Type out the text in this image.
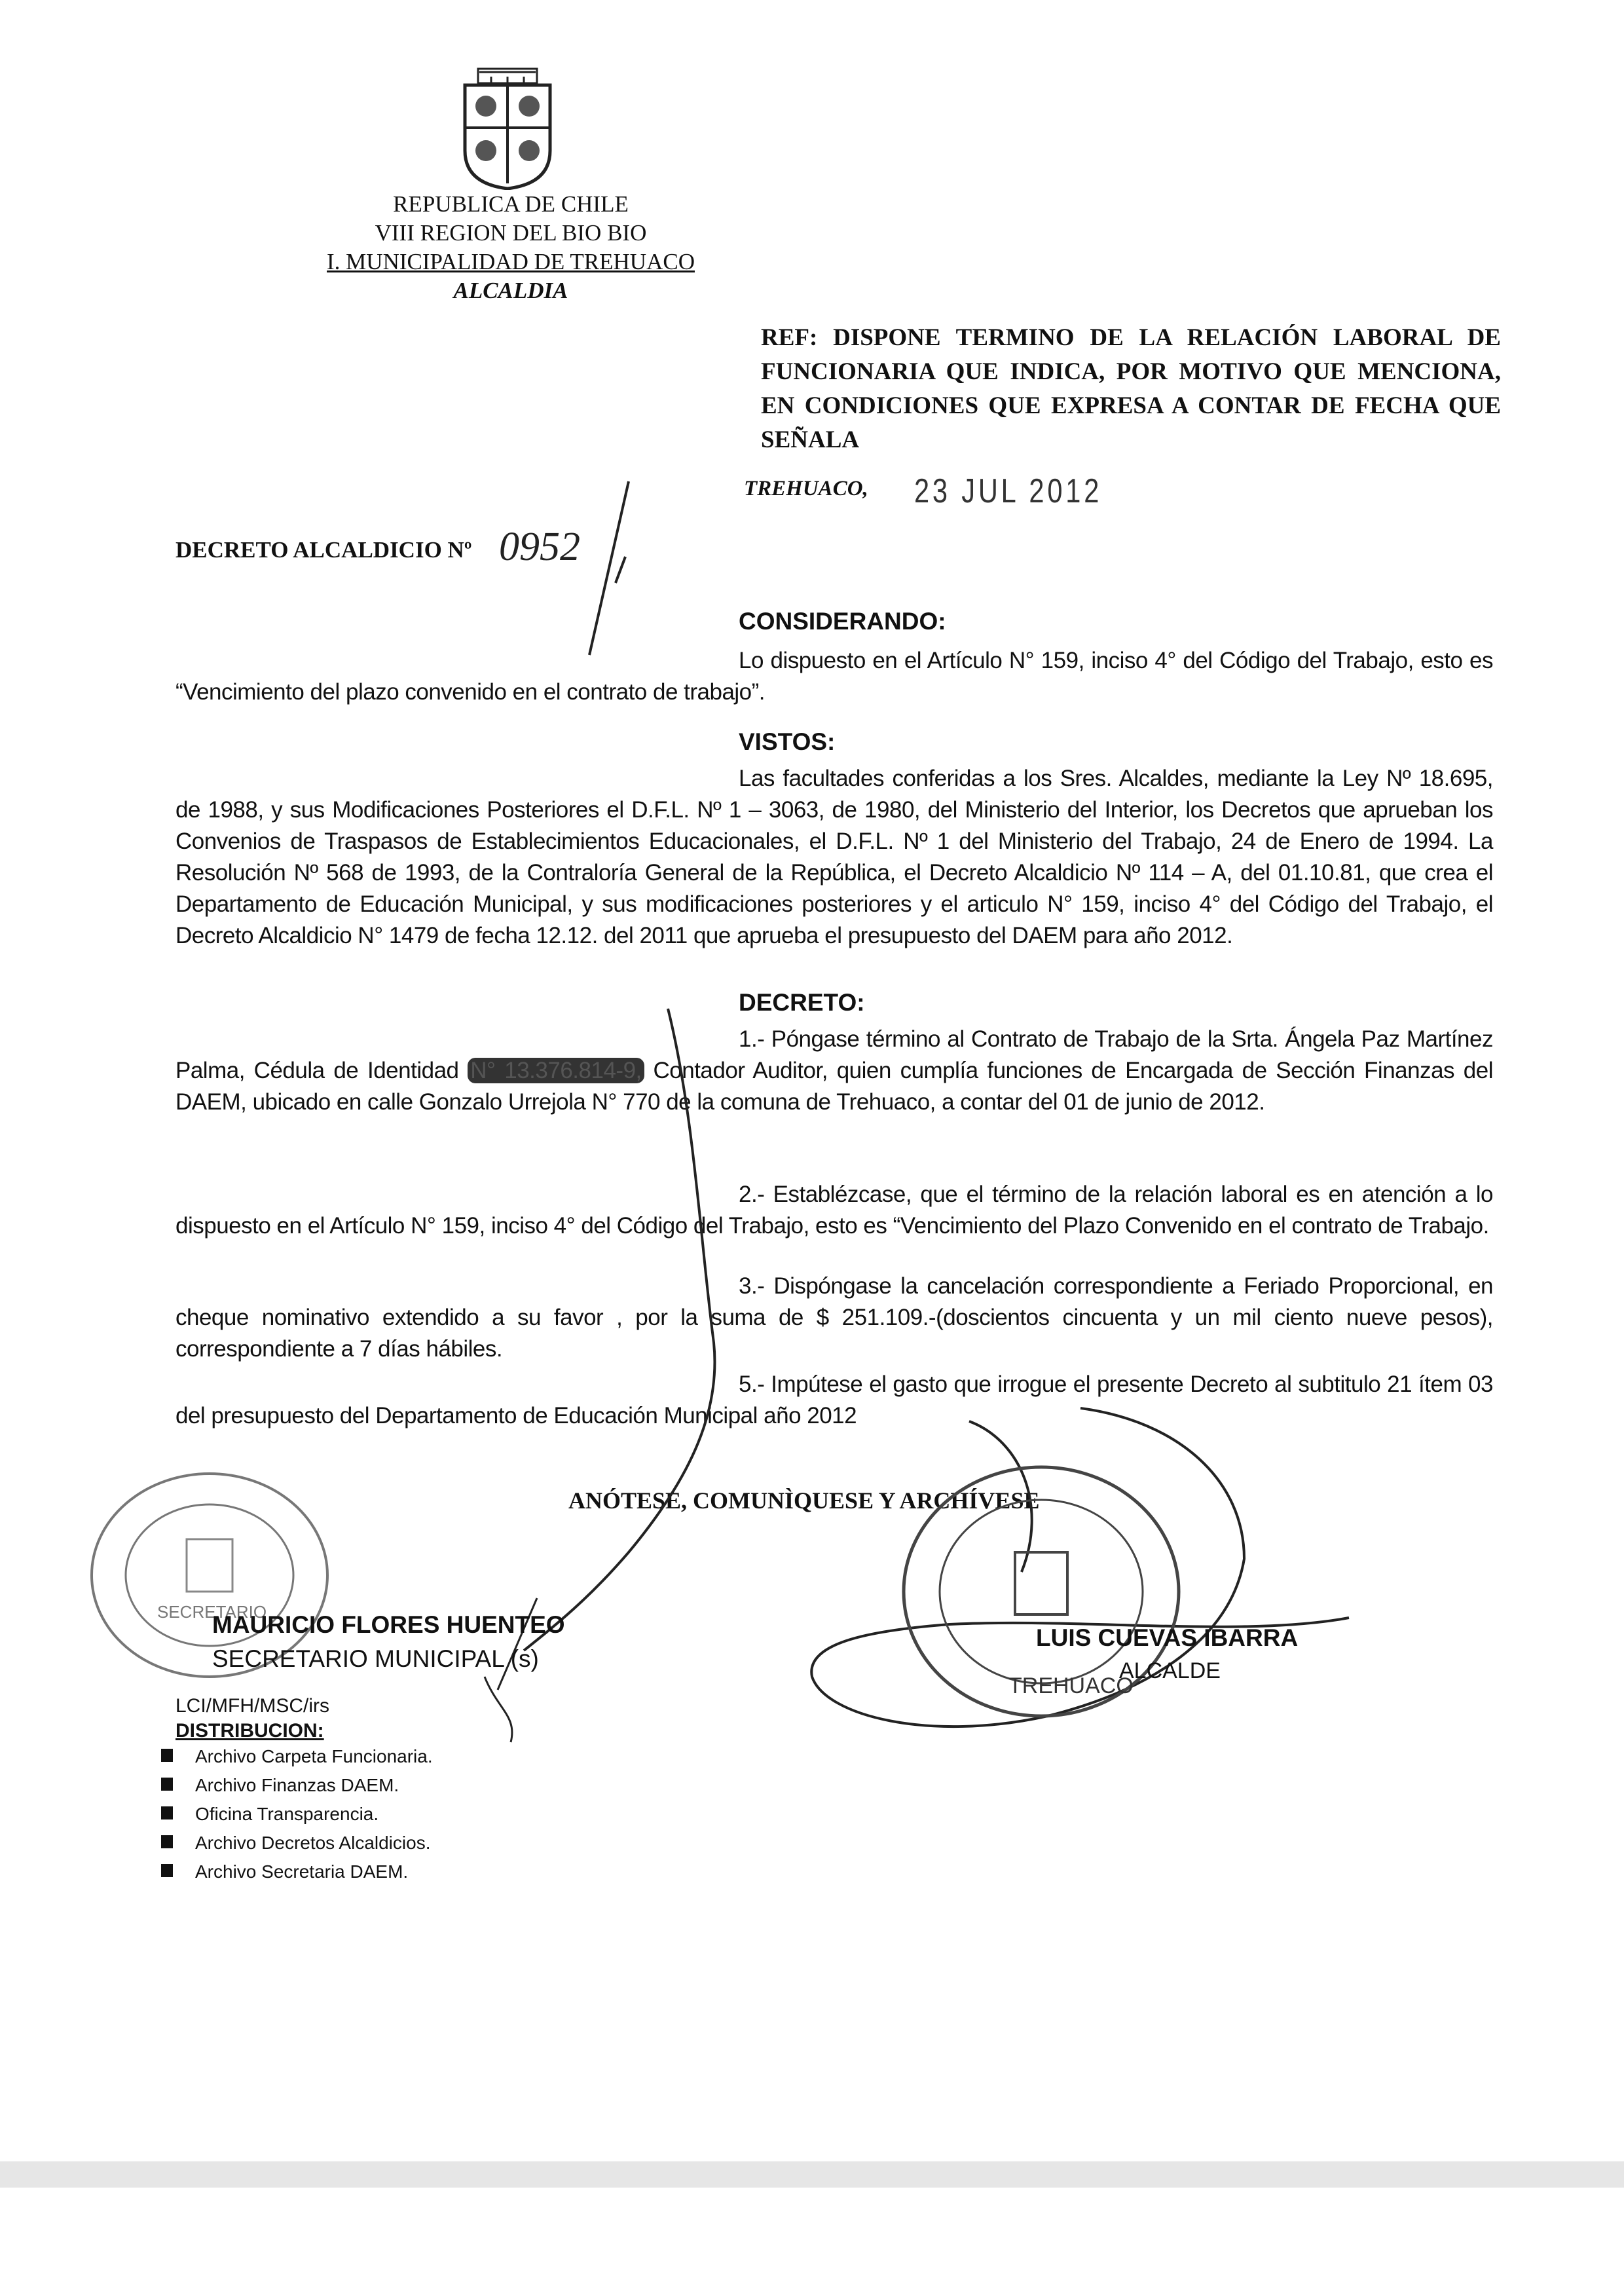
REPUBLICA DE CHILE
VIII REGION DEL BIO BIO
I. MUNICIPALIDAD DE TREHUACO
ALCALDIA
REF: DISPONE TERMINO DE LA RELACIÓN LABORAL DE FUNCIONARIA QUE INDICA, POR MOTIVO QUE MENCIONA, EN CONDICIONES QUE EXPRESA A CONTAR DE FECHA QUE SEÑALA
TREHUACO, 23 JUL 2012
DECRETO ALCALDICIO Nº 0952
CONSIDERANDO:
Lo dispuesto en el Artículo N° 159, inciso 4° del Código del Trabajo, esto es “Vencimiento del plazo convenido en el contrato de trabajo”.
VISTOS:
Las facultades conferidas a los Sres. Alcaldes, mediante la Ley Nº 18.695, de 1988, y sus Modificaciones Posteriores el D.F.L. Nº 1 – 3063, de 1980, del Ministerio del Interior, los Decretos que aprueban los Convenios de Traspasos de Establecimientos Educacionales, el D.F.L. Nº 1 del Ministerio del Trabajo, 24 de Enero de 1994. La Resolución Nº 568 de 1993, de la Contraloría General de la República, el Decreto Alcaldicio Nº 114 – A, del 01.10.81, que crea el Departamento de Educación Municipal, y sus modificaciones posteriores y el articulo N° 159, inciso 4° del Código del Trabajo, el Decreto Alcaldicio N° 1479 de fecha 12.12. del 2011 que aprueba el presupuesto del DAEM para año 2012.
DECRETO:
1.- Póngase término al Contrato de Trabajo de la Srta. Ángela Paz Martínez Palma, Cédula de Identidad N° 13.376.814-9, Contador Auditor, quien cumplía funciones de Encargada de Sección Finanzas del DAEM, ubicado en calle Gonzalo Urrejola N° 770 de la comuna de Trehuaco, a contar del 01 de junio de 2012.
2.- Establézcase, que el término de la relación laboral es en atención a lo dispuesto en el Artículo N° 159, inciso 4° del Código del Trabajo, esto es “Vencimiento del Plazo Convenido en el contrato de Trabajo.
3.- Dispóngase la cancelación correspondiente a Feriado Proporcional, en cheque nominativo extendido a su favor , por la suma de $ 251.109.-(doscientos cincuenta y un mil ciento nueve pesos), correspondiente a 7 días hábiles.
5.- Impútese el gasto que irrogue el presente Decreto al subtitulo 21 ítem 03 del presupuesto del Departamento de Educación Municipal año 2012
ANÓTESE, COMUNÌQUESE Y ARCHÍVESE
SECRETARIO
TREHUACO
MAURICIO FLORES HUENTEO
SECRETARIO MUNICIPAL (s)
LUIS CUEVAS IBARRA
ALCALDE
LCI/MFH/MSC/irs
DISTRIBUCION:
Archivo Carpeta Funcionaria.
Archivo Finanzas DAEM.
Oficina Transparencia.
Archivo Decretos Alcaldicios.
Archivo Secretaria DAEM.
